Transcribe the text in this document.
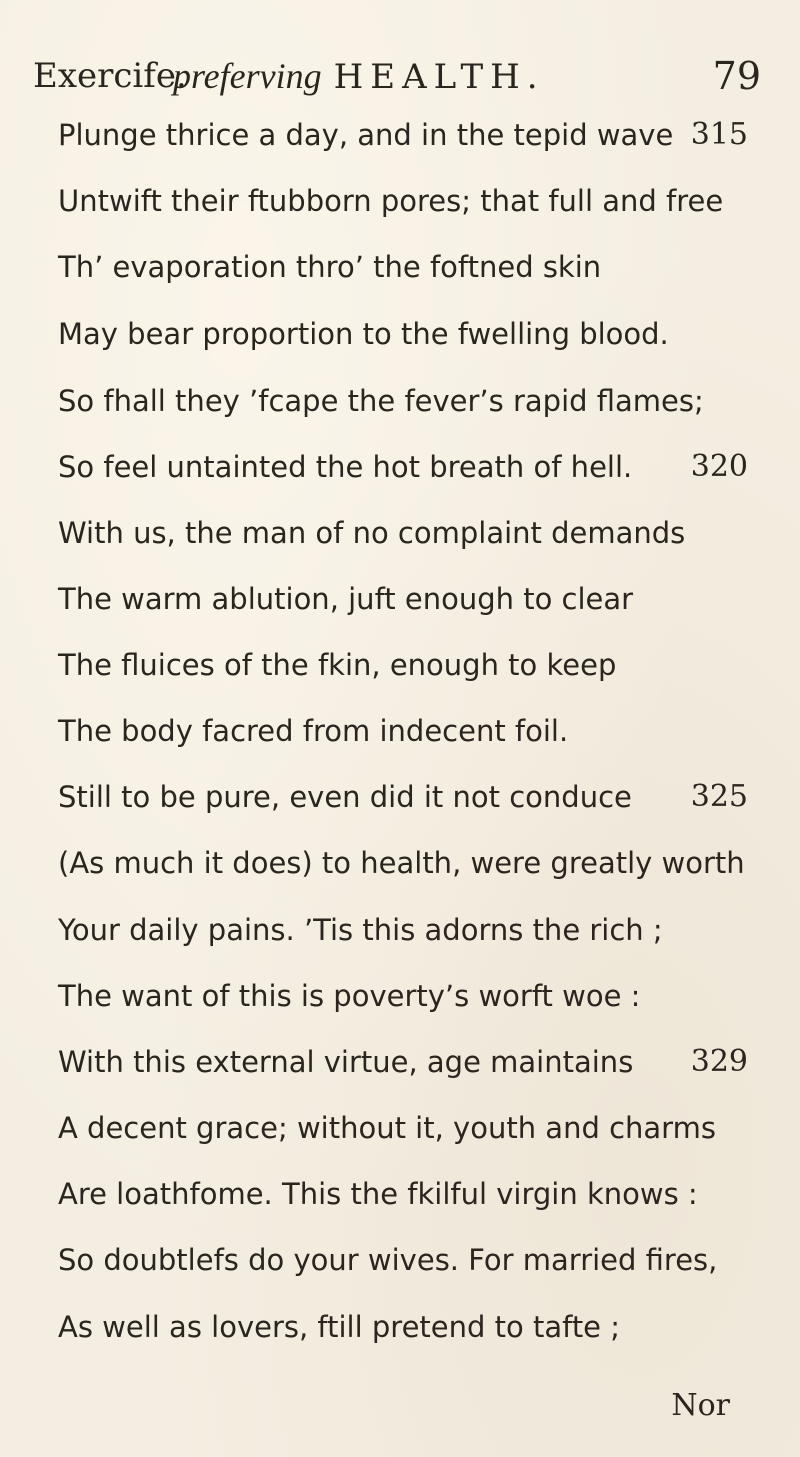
Exercife.
preferving HEALTH.	79
Plunge thrice a day, and in the tepid wave 315
Untwift their ftubborn pores; that full and free
Th’ evaporation thro’ the foftned skin
May bear proportion to the fwelling blood.
So fhall they ’fcape the fever’s rapid flames;
So feel untainted the hot breath of hell. 320
With us, the man of no complaint demands
The warm ablution, juft enough to clear
The fluices of the fkin, enough to keep
The body facred from indecent foil.
Still to be pure, even did it not conduce 325
(As much it does) to health, were greatly worth
Your daily pains. ’Tis this adorns the rich ;
The want of this is poverty’s worft woe :
With this external virtue, age maintains 329
A decent grace; without it, youth and charms
Are loathfome. This the fkilful virgin knows :
So doubtlefs do your wives. For married fires,
As well as lovers, ftill pretend to tafte ;
Nor
